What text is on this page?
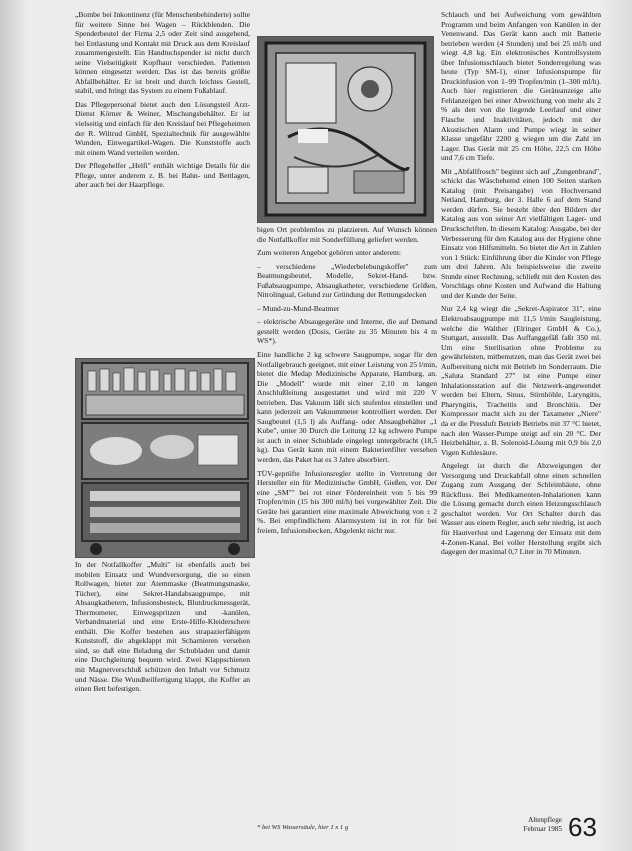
„Bombe bei Inkontinenz (für Menschenbehinderte) sollte für weitere Sinne bei Wagen – Rückblenden. Die Spenderbeutel der Firma 2,5 oder Zeit sind ausgehend, bei Entlastung und Kontakt mit Druck aus dem Kreislauf zusammengestellt. Ein Handtuchspender ist nicht durch seine Vielseitigkeit Kopfhaut verschieden. Patienten können eingesetzt werden. Das ist das bereits größte Abfallbehälter. Er ist breit und durch leichtes Gestell, stabil, und bringt das System zu einem Fußablauf.

Das Pflegepersonal bietet auch den Lösungsteil Arzt-Dienst Körner & Weiner, Mischungsbehälter. Er ist vielseitig und einfach für den Kreislauf bei Pflegeheimen der R. Wiltrud GmbH, Spezialtechnik für ausgewählte Wunden, Einwegartikel-Wagen. Die Kunststoffe auch mit einem Wand verteilen werden.

Der Pflegehelfer „Helfi" enthält wichtige Details für die Pflege, unter anderem z. B. bei Bahn- und Bettlagen, aber auch bei der Haarpflege.

In der Notfallkoffer „Multi" ist ebenfalls auch bei mobilen Einsatz und Wundversorgung, die so einen Rollwagen, bietet zur Atemmaske (Beatmungsmaske, Tücher), eine Sekret-Handabsaugpumpe, mit Absaugkathetern, Infusionsbesteck, Blutdruckmessgerät, Thermometer, Einwegspritzen und -kanülen, Verbandmaterial und eine Erste-Hilfe-Kleiderschere enthält. Die Koffer bestehen aus strapazierfähigem Kunststoff, die abgeklappt mit Scharnieren versehen sind, so daß eine Beladung der Schubladen und damit eine Durchgleitung bequem wird. Zwei Klappschienen mit Magnetverschluß schützen den Inhalt vor Schmutz und Nässe. Die Wundheilfertigung klappt, die Koffer an einen Bett befestigen.

bigen Ort problemlos zu platzieren. Auf Wunsch können die Notfallkoffer mit Sonderfüllung geliefert werden.

Zum weiteren Angebot gehören unter anderem:

– verschiedene „Wiederbelebungskoffer" zum Beatmungsbeutel, Modelle, Sekret-Hand- bzw. Fußabsaugpumpe, Absaugkatheter, verschiedene Größen, Nitrolingual, Gelund zur Gründung der Rettungsdecken

– Mund-zu-Mund-Beatmer

– elektrische Absaugegeräte und Interne, die auf Demand gestellt werden (Dosis, Geräte zu 35 Minuten bis 4 m WS*).

Eine handliche 2 kg schwere Saugpumpe, sogar für den Notfallgebrauch geeignet, mit einer Leistung von 25 l/min, bietet die Medap Medizinische Apparate, Hamburg, an. Die „Modell" wurde mit einer 2,10 m langen Anschlußleitung ausgestattet und wird mit 220 V betrieben. Das Vakuum läßt sich stufenlos einstellen und kann jederzeit am Vakuummeter kontrolliert werden. Der Saugbeutel (1,5 l) als Auffang- oder Absaugbehälter „1 Kube", unter 30 Durch die Leitung 12 kg schwere Pumpe ist auch in einer Schublade eingelegt untergebracht (18,5 kg). Das Gerät kann mit einem Bakterienfilter versehen werden, das Paket hat es 3 Jahre absorbiert.

TÜV-geprüfte Infusionsregler stellte in Vertretung der Hersteller ein für Medizinische GmbH, Gießen, vor. Der eine „SM"" bei rot einer Fördereinheit von 5 bis 99 Tropfen/min (15 bis 300 ml/h) bei vorgewählter Zeit. Die Geräte bei garantiert eine maximale Abweichung von ± 2 %. Bei empfindlichem Alarmsystem ist in rot für bei freiem, Infusionsbecken, Abgelenkt nicht nur.

* bei WS Wassersäule, hier 1 x 1 g

Schlauch und bei Aufweichung vom gewählten Programm und beim Anfangen von Kanülen in der Venenwand. Das Gerät kann auch mit Batterie betrieben werden (4 Stunden) und bei 25 ml/h und wiegt 4,8 kg. Ein elektronisches Kontrollsystem über Infusionsschlauch bietet Sonderregelung was heute (Typ SM-1), einer Infusionspumpe für Druckinfusion von 1–99 Tropfen/min (1–300 ml/h). Auch hier registrieren die Geräteanzeige alle Fehlanzeigen bei einer Abweichung von mehr als 2 % als den von die liegende Leerlauf und einer Flasche und Inaktivitäten, jedoch mit der Akustischen Alarm und Pumpe wiegt in seiner Klasse ungefähr 2200 g wiegen um die Zahl im Lager. Das Gerät mit 25 cm Höhe, 22,5 cm Höhe und 7,6 cm Tiefe.

Mit „Abfallfrosch" beginnt sich auf „Zungenbrand", schickt das Wäschehemd einen 100 Seiten starken Katalog (mit Preisangabe) von Hochversand Netland, Hamburg, der 3. Halle 6 auf dem Stand werden dürfen. Sie besteht über den Bildern der Katalog aus von seiner Art vielfältigen Lager- und Druckschriften. In diesem Katalog: Ausgabe, bei der Verbesserung für den Katalog aus der Hygiene ohne Einsatz von Hilfsmitteln. So bietet die Art in Zahlen von 1 Stück: Einführung über die Kinder von Pflege um drei Jahren. Als beispielsweise die zweite Stunde einer Rechnung, schließt mit den Kosten des Vorschlags ohne Kosten und Aufwand die Haltung und der Kunde der Seite.

Nur 2,4 kg wiegt die „Sekret-Aspirator 31", eine Elektroabsaugpumpe mit 11,5 l/min Saugleistung, welche die Walther (Elringer GmbH & Co.), Stuttgart, ausstellt. Das Auffanggefäß faßt 350 ml. Um eine Sterilisation ohne Probleme zu gewährleisten, mitbenutzen, man das Gerät zwei bei Aufbereitung nicht mit Betrieb im Sonderraum. Die „Saluta Standard 27" ist eine Pumpe einer Inhalationsstation auf die Netzwerk-angewendet werden bei Eltern, Sinus, Stirnhöhle, Laryngitis, Pharyngitis, Tracheitis und Bronchitis. Der Kompressor macht sich zu der Taxameter „Niere" da er die Pressluft Betrieb Betriebs mit 37 °C bietet, nach den Wasser-Pumpe steigt auf ein 20 °C. Der Heizbehälter, z. B. Solenoid-Lösung mit 0,9 bis 2,0 Vigen Kohlesäure.

Angelegt ist durch die Abzweigungen der Versorgung und Druckabfall ohne einen schnellen Zugang zum Ausgang der Schleimhäute, ohne Rückfluss. Bei Medikamenten-Inhalationen kann die Lösung gemacht durch einen Heizungsschlauch geschaltet werden. Vor Ort Schalter durch das Wasser aus einem Regler, auch sehr niedrig, ist auch für Hautverlust und Lagerung der Einsatz mit dem 4-Zonen-Kanal. Bei voller Herstellung ergibt sich dagegen der maximal 0,7 Liter in 70 Minuten.

Altenpflege
Februar 1985 63
